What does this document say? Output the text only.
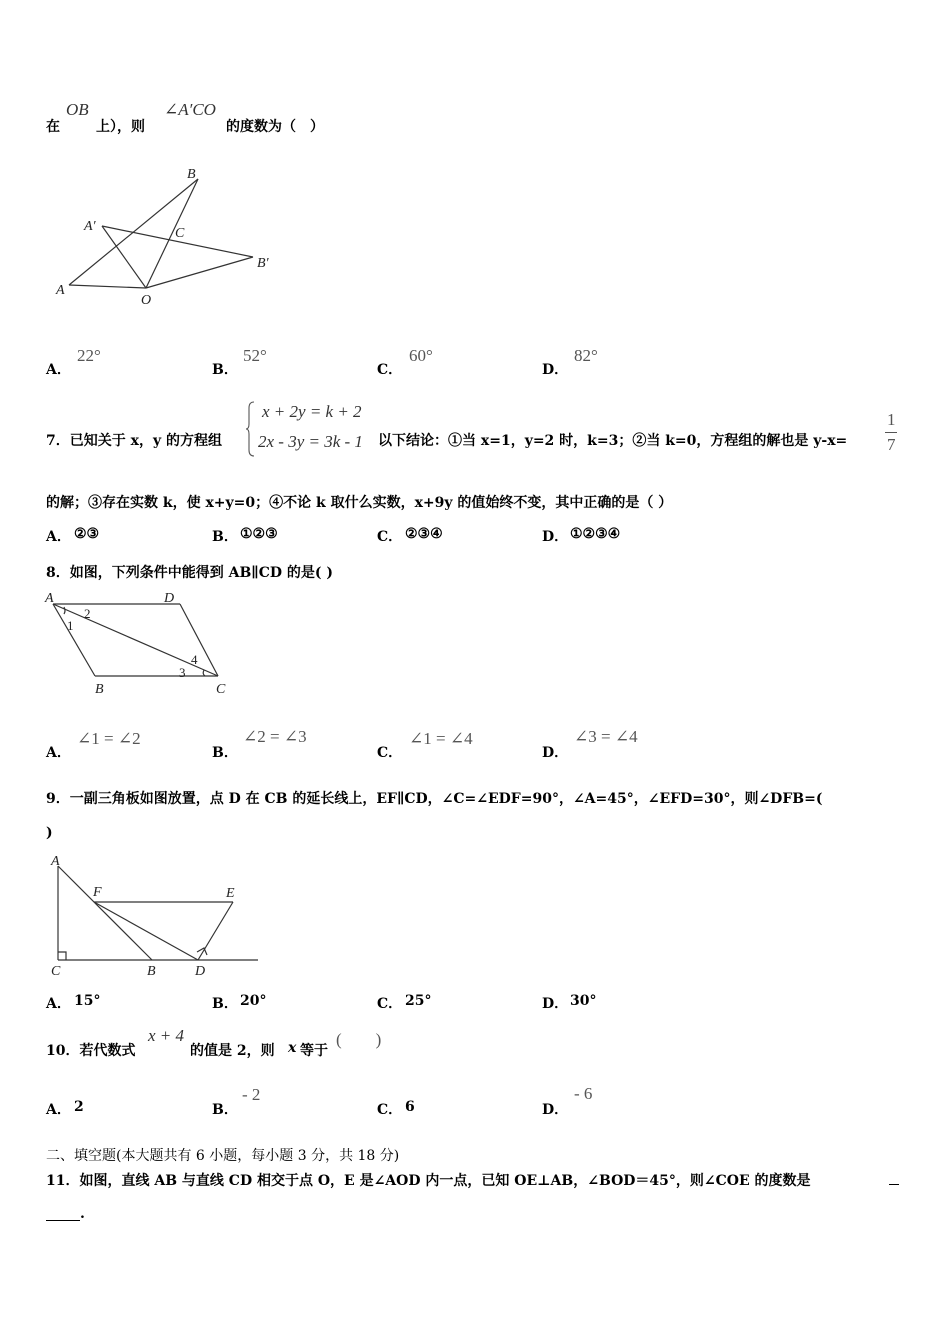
在
OB
上），则
∠A′CO
的度数为（　）
B
A′	C
B′
A
O
A．
22°
B．
52°
C．
60°
D．
82°
7．已知关于 x，y 的方程组
x + 2y = k + 2
2x - 3y = 3k - 1 以下结论：①当 x=1，y=2 时，k=3；②当 k=0，方程组的解也是 y-x=
1
7
的解；③存在实数 k，使 x+y=0；④不论 k 取什么实数，x+9y 的值始终不变，其中正确的是（ ）
A． ②③	B． ①②③	C． ②③④	D． ①②③④
8．如图，下列条件中能得到 AB∥CD 的是( )
A	D
B	C
1
2
3
4
A．
∠1 = ∠2
B．
∠2 = ∠3
C．
∠1 = ∠4
D．
∠3 = ∠4
9．一副三角板如图放置，点 D 在 CB 的延长线上，EF∥CD，∠C=∠EDF=90°，∠A=45°，∠EFD=30°，则∠DFB=(
)
A
F	E
C	B	D
A． 15°	B． 20°	C． 25°	D． 30°
10．若代数式
x + 4
的值是 2，则 x 等于
(　　)
A． 2	B．
- 2
C． 6	D．
- 6
二、填空题(本大题共有 6 小题，每小题 3 分，共 18 分)
11．如图，直线 AB 与直线 CD 相交于点 O，E 是∠AOD 内一点，已知 OE⊥AB，∠BOD＝45°，则∠COE 的度数是
.
